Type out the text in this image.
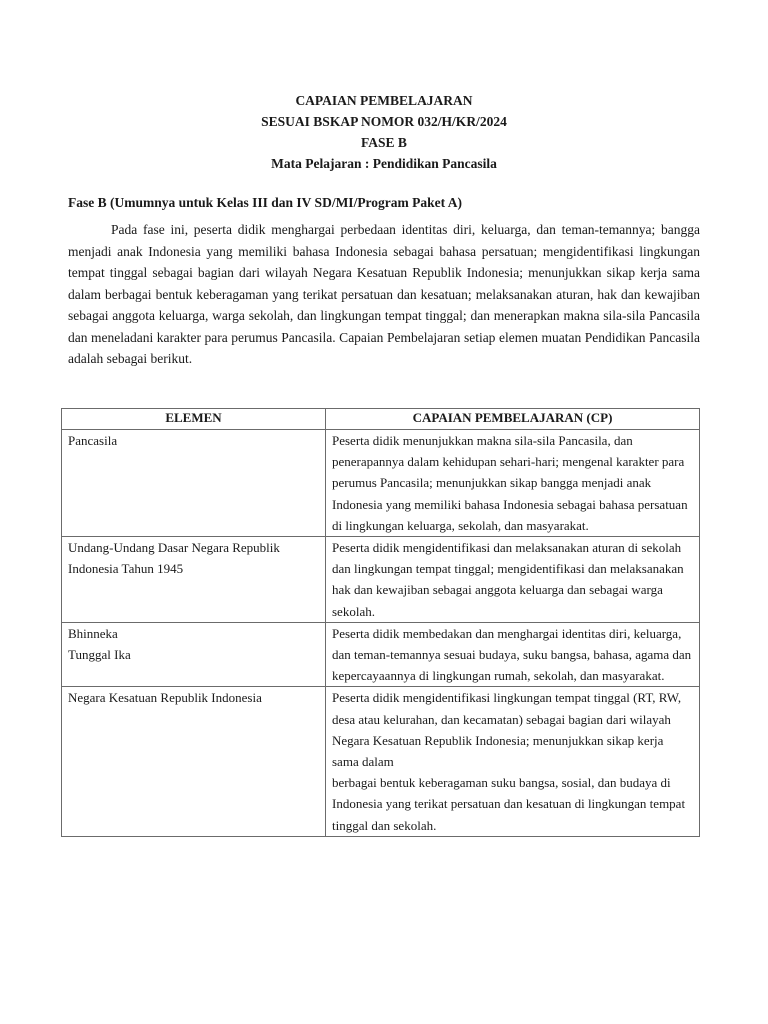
CAPAIAN PEMBELAJARAN
SESUAI BSKAP NOMOR 032/H/KR/2024
FASE B
Mata Pelajaran : Pendidikan Pancasila
Fase B (Umumnya untuk Kelas III dan IV SD/MI/Program Paket A)

Pada fase ini, peserta didik menghargai perbedaan identitas diri, keluarga, dan teman-temannya; bangga menjadi anak Indonesia yang memiliki bahasa Indonesia sebagai bahasa persatuan; mengidentifikasi lingkungan tempat tinggal sebagai bagian dari wilayah Negara Kesatuan Republik Indonesia; menunjukkan sikap kerja sama dalam berbagai bentuk keberagaman yang terikat persatuan dan kesatuan; melaksanakan aturan, hak dan kewajiban sebagai anggota keluarga, warga sekolah, dan lingkungan tempat tinggal; dan menerapkan makna sila-sila Pancasila dan meneladani karakter para perumus Pancasila. Capaian Pembelajaran setiap elemen muatan Pendidikan Pancasila adalah sebagai berikut.

ELEMEN	CAPAIAN PEMBELAJARAN (CP)

Pancasila	Peserta didik menunjukkan makna sila-sila Pancasila, dan penerapannya dalam kehidupan sehari-hari; mengenal karakter para perumus Pancasila; menunjukkan sikap bangga menjadi anak Indonesia yang memiliki bahasa Indonesia sebagai bahasa persatuan di lingkungan keluarga, sekolah, dan masyarakat.

Undang-Undang Dasar Negara Republik Indonesia Tahun 1945	Peserta didik mengidentifikasi dan melaksanakan aturan di sekolah dan lingkungan tempat tinggal; mengidentifikasi dan melaksanakan hak dan kewajiban sebagai anggota keluarga dan sebagai warga sekolah.

Bhinneka
Tunggal Ika	Peserta didik membedakan dan menghargai identitas diri, keluarga, dan teman-temannya sesuai budaya, suku bangsa, bahasa, agama dan
kepercayaannya di lingkungan rumah, sekolah, dan masyarakat.

Negara Kesatuan Republik Indonesia	Peserta didik mengidentifikasi lingkungan tempat tinggal (RT, RW, desa atau kelurahan, dan kecamatan) sebagai bagian dari wilayah Negara Kesatuan Republik Indonesia; menunjukkan sikap kerja sama dalam
berbagai bentuk keberagaman suku bangsa, sosial, dan budaya di Indonesia yang terikat persatuan dan kesatuan di lingkungan tempat tinggal dan sekolah.
